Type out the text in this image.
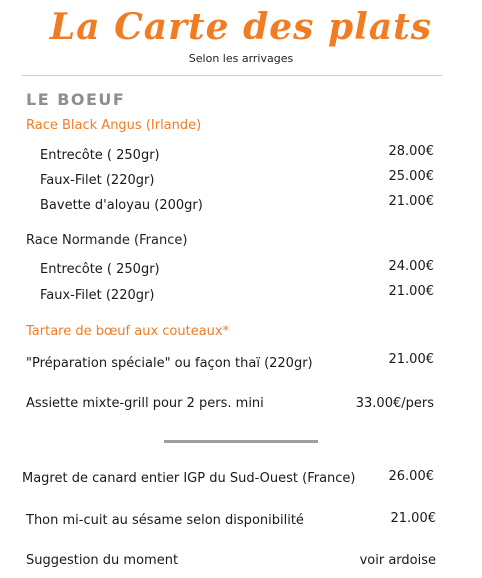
La Carte des plats
Selon les arrivages
LE BOEUF
Race Black Angus (Irlande)
Entrecôte ( 250gr)	28.00€
Faux-Filet (220gr)	25.00€
Bavette d'aloyau (200gr)	21.00€
Race Normande (France)
Entrecôte ( 250gr)	24.00€
Faux-Filet (220gr)	21.00€
Tartare de bœuf aux couteaux*
"Préparation spéciale" ou façon thaï (220gr)	21.00€
Assiette mixte-grill pour 2 pers. mini	33.00€/pers
Magret de canard entier IGP du Sud-Ouest (France)	26.00€
Thon mi-cuit au sésame selon disponibilité	21.00€
Suggestion du moment	voir ardoise
